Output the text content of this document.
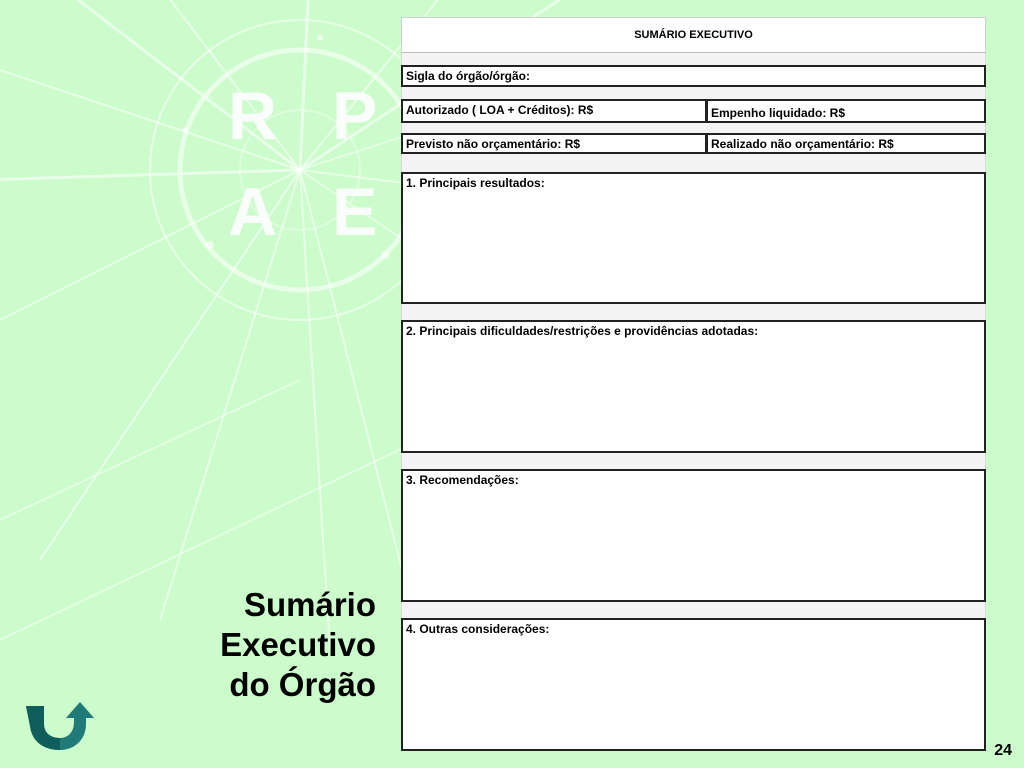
R P
A E
Sumário
Executivo
do Órgão
24
SUMÁRIO EXECUTIVO
Sigla do órgão/órgão:
Autorizado ( LOA + Créditos): R$	Empenho liquidado: R$
Previsto não orçamentário: R$	Realizado não orçamentário: R$
1. Principais resultados:
2. Principais dificuldades/restrições e providências adotadas:
3. Recomendações:
4. Outras considerações:
